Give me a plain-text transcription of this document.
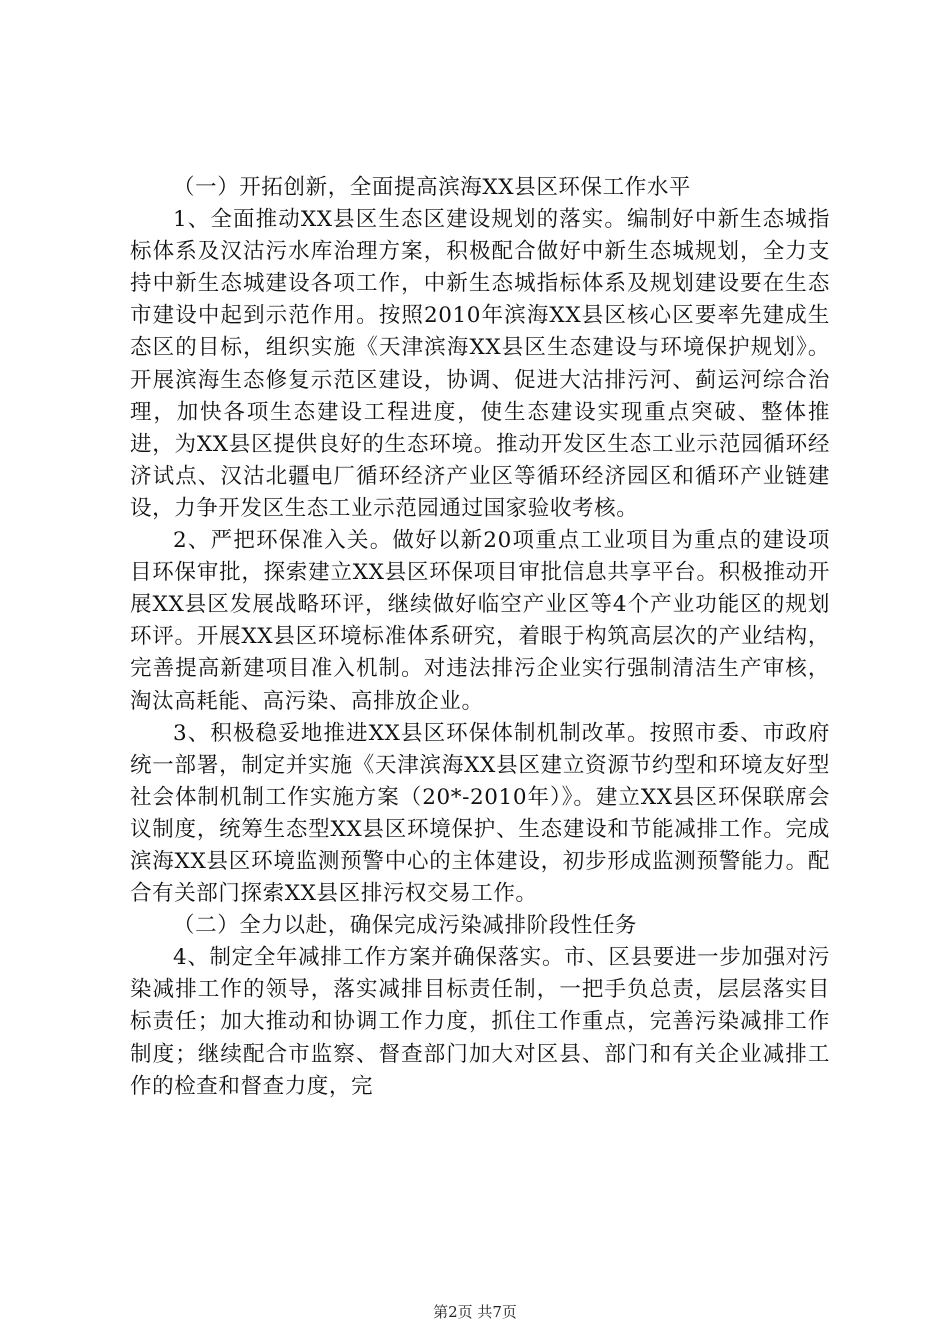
（一）开拓创新，全面提高滨海XX县区环保工作水平

1、全面推动XX县区生态区建设规划的落实。编制好中新生态城指标体系及汉沽污水库治理方案，积极配合做好中新生态城规划，全力支持中新生态城建设各项工作，中新生态城指标体系及规划建设要在生态市建设中起到示范作用。按照2010年滨海XX县区核心区要率先建成生态区的目标，组织实施《天津滨海XX县区生态建设与环境保护规划》。开展滨海生态修复示范区建设，协调、促进大沽排污河、蓟运河综合治理，加快各项生态建设工程进度，使生态建设实现重点突破、整体推进，为XX县区提供良好的生态环境。推动开发区生态工业示范园循环经济试点、汉沽北疆电厂循环经济产业区等循环经济园区和循环产业链建设，力争开发区生态工业示范园通过国家验收考核。

2、严把环保准入关。做好以新20项重点工业项目为重点的建设项目环保审批，探索建立XX县区环保项目审批信息共享平台。积极推动开展XX县区发展战略环评，继续做好临空产业区等4个产业功能区的规划环评。开展XX县区环境标准体系研究，着眼于构筑高层次的产业结构，完善提高新建项目准入机制。对违法排污企业实行强制清洁生产审核，淘汰高耗能、高污染、高排放企业。

3、积极稳妥地推进XX县区环保体制机制改革。按照市委、市政府统一部署，制定并实施《天津滨海XX县区建立资源节约型和环境友好型社会体制机制工作实施方案（20*-2010年）》。建立XX县区环保联席会议制度，统筹生态型XX县区环境保护、生态建设和节能减排工作。完成滨海XX县区环境监测预警中心的主体建设，初步形成监测预警能力。配合有关部门探索XX县区排污权交易工作。

（二）全力以赴，确保完成污染减排阶段性任务

4、制定全年减排工作方案并确保落实。市、区县要进一步加强对污染减排工作的领导，落实减排目标责任制，一把手负总责，层层落实目标责任；加大推动和协调工作力度，抓住工作重点，完善污染减排工作制度；继续配合市监察、督查部门加大对区县、部门和有关企业减排工作的检查和督查力度，完

第2页 共7页
